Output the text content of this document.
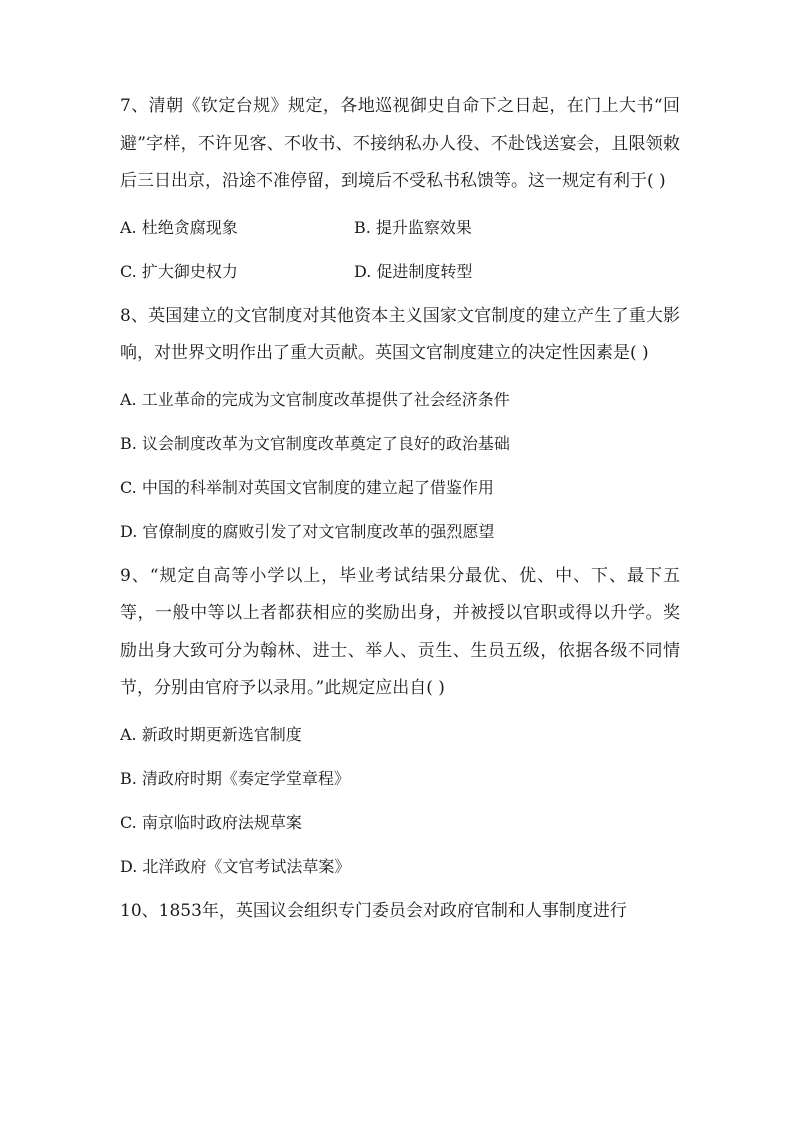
7、清朝《钦定台规》规定，各地巡视御史自命下之日起，在门上大书“回避”字样，不许见客、不收书、不接纳私办人役、不赴饯送宴会，且限领敕后三日出京，沿途不准停留，到境后不受私书私馈等。这一规定有利于( )

A. 杜绝贪腐现象	B. 提升监察效果
C. 扩大御史权力	D. 促进制度转型

8、英国建立的文官制度对其他资本主义国家文官制度的建立产生了重大影响，对世界文明作出了重大贡献。英国文官制度建立的决定性因素是( )

A. 工业革命的完成为文官制度改革提供了社会经济条件

B. 议会制度改革为文官制度改革奠定了良好的政治基础

C. 中国的科举制对英国文官制度的建立起了借鉴作用

D. 官僚制度的腐败引发了对文官制度改革的强烈愿望

9、“规定自高等小学以上，毕业考试结果分最优、优、中、下、最下五等，一般中等以上者都获相应的奖励出身，并被授以官职或得以升学。奖励出身大致可分为翰林、进士、举人、贡生、生员五级，依据各级不同情节，分别由官府予以录用。”此规定应出自( )

A. 新政时期更新选官制度

B. 清政府时期《奏定学堂章程》

C. 南京临时政府法规草案

D. 北洋政府《文官考试法草案》

10、1853年，英国议会组织专门委员会对政府官制和人事制度进行
